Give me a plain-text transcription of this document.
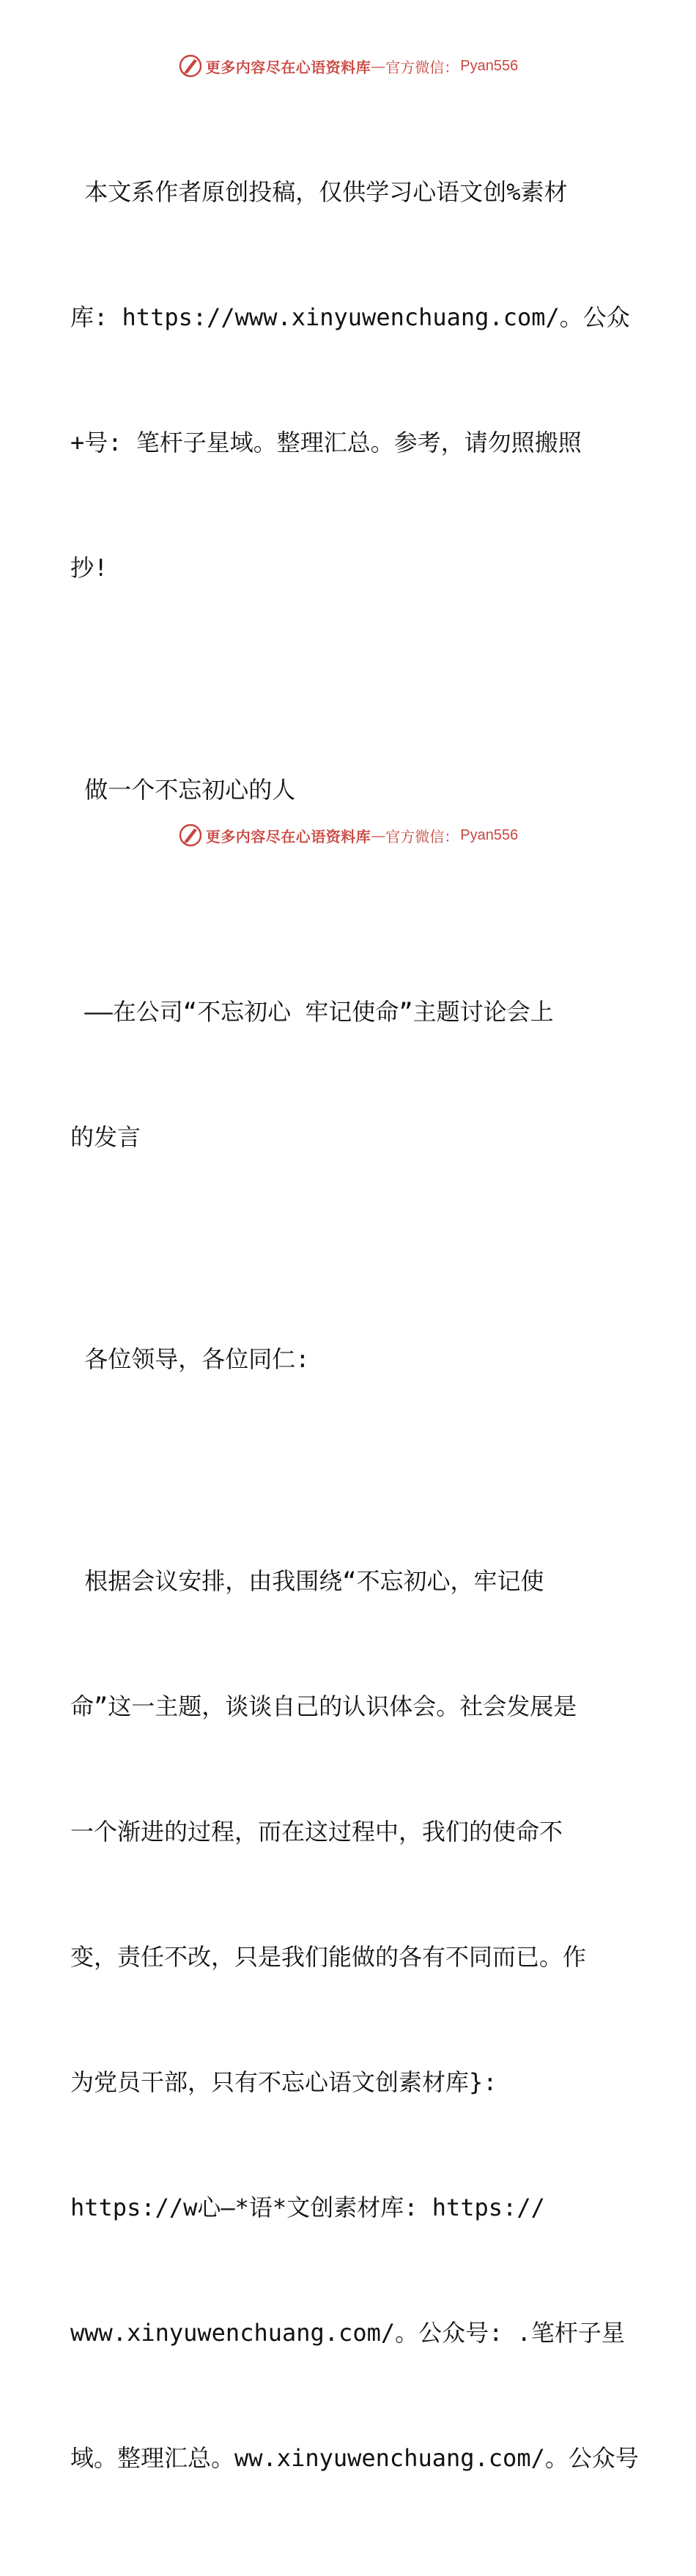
更多内容尽在心语资料库 — 官方微信： Pyan556

本文系作者原创投稿，仅供学习心语文创%素材

库: https://www.xinyuwenchuang.com/。公众

+号: 笔杆子星域。整理汇总。参考，请勿照搬照

抄!

做一个不忘初心的人

——在公司“不忘初心 牢记使命”主题讨论会上

的发言

各位领导，各位同仁:

根据会议安排，由我围绕“不忘初心，牢记使

命”这一主题，谈谈自己的认识体会。社会发展是

一个渐进的过程，而在这过程中，我们的使命不

变，责任不改，只是我们能做的各有不同而已。作

为党员干部，只有不忘心语文创素材库}:

https://w心—*语*文创素材库: https://

www.xinyuwenchuang.com/。公众号: .笔杆子星

域。整理汇总。ww.xinyuwenchuang.com/。公众号

更多内容尽在心语资料库 — 官方微信： Pyan556
